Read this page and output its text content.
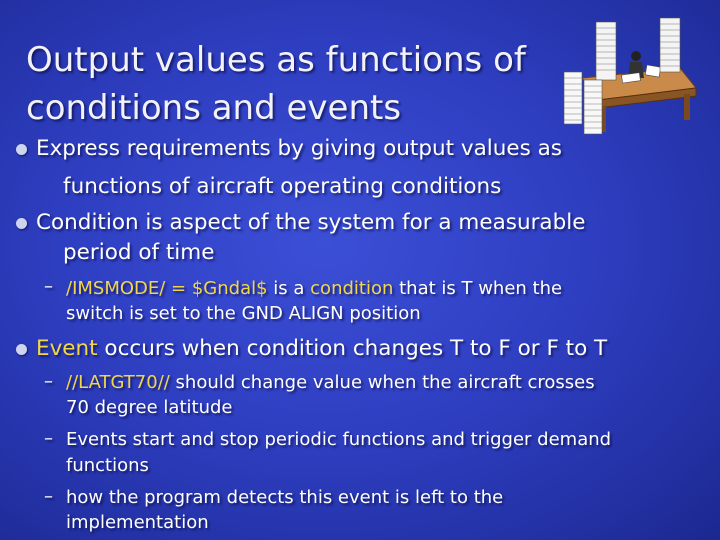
Output values as functions of
conditions and events
Express requirements by giving output values as
functions of aircraft operating conditions
Condition is aspect of the system for a measurable
period of time
– /IMSMODE/ = $Gndal$ is a condition that is T when the
switch is set to the GND ALIGN position
Event occurs when condition changes T to F or F to T
– //LATGT70// should change value when the aircraft crosses
70 degree latitude
– Events start and stop periodic functions and trigger demand
functions
– how the program detects this event is left to the
implementation
